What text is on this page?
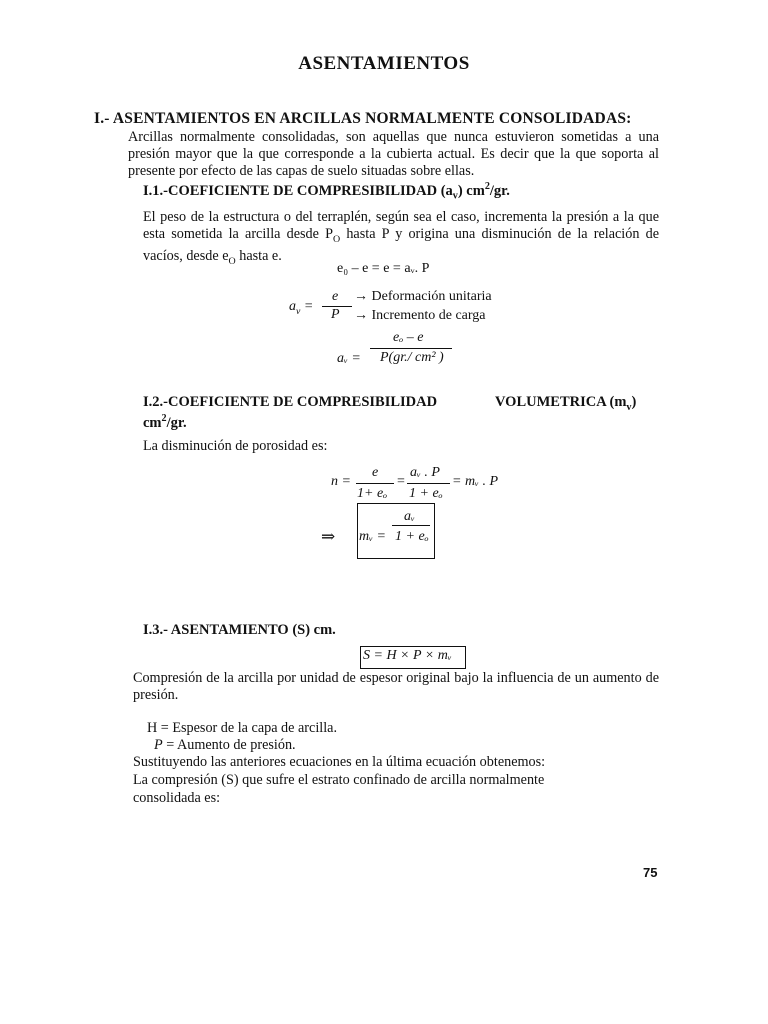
ASENTAMIENTOS
I.- ASENTAMIENTOS EN ARCILLAS NORMALMENTE CONSOLIDADAS:
Arcillas normalmente consolidadas, son aquellas que nunca estuvieron sometidas a una presión mayor que la que corresponde a la cubierta actual. Es decir que la que soporta al presente por efecto de las capas de suelo situadas sobre ellas.
I.1.-COEFICIENTE DE COMPRESIBILIDAD $(a_v)$ $cm^2/gr$.
El peso de la estructura o del terraplén, según sea el caso, incrementa la presión a la que esta sometida la arcilla desde $P_O$ hasta P y origina una disminución de la relación de vacíos, desde $e_O$ hasta e.
e₀ – e = e = aᵥ. P
$a_v$ =
e
P
→ Deformación unitaria
→ Incremento de carga
eₒ – e
aᵥ = P(gr./ cm² )
I.2.-COEFICIENTE DE COMPRESIBILIDAD	VOLUMETRICA $(m_v)$
$cm^2/gr$.
La disminución de porosidad es:
n =
e
1+ eₒ
=
aᵥ . P
1 + eₒ
= mᵥ . P
⇒
aᵥ
mᵥ = 1 + eₒ
I.3.- ASENTAMIENTO (S) cm.
S = H × P × mᵥ
Compresión de la arcilla por unidad de espesor original bajo la influencia de un aumento de presión.
H = Espesor de la capa de arcilla.
P = Aumento de presión.
Sustituyendo las anteriores ecuaciones en la última ecuación obtenemos:
La compresión (S) que sufre el estrato confinado de arcilla normalmente
consolidada es:
75
